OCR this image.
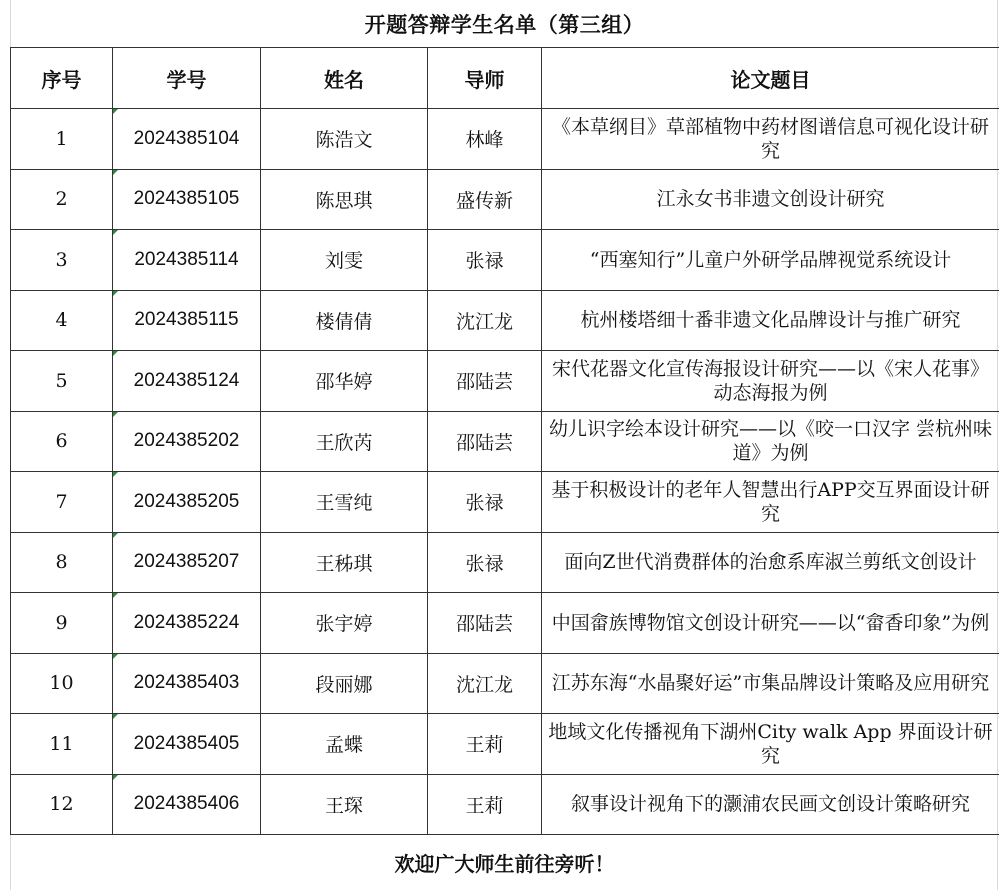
开题答辩学生名单（第三组）
序号	学号	姓名	导师	论文题目
1	2024385104	陈浩文	林峰	《本草纲目》草部植物中药材图谱信息可视化设计研究
2	2024385105	陈思琪	盛传新	江永女书非遗文创设计研究
3	2024385114	刘雯	张禄	“西塞知行”儿童户外研学品牌视觉系统设计
4	2024385115	楼倩倩	沈江龙	杭州楼塔细十番非遗文化品牌设计与推广研究
5	2024385124	邵华婷	邵陆芸	宋代花器文化宣传海报设计研究——以《宋人花事》动态海报为例
6	2024385202	王欣芮	邵陆芸	幼儿识字绘本设计研究——以《咬一口汉字 尝杭州味道》为例
7	2024385205	王雪纯	张禄	基于积极设计的老年人智慧出行APP交互界面设计研究
8	2024385207	王秭琪	张禄	面向Z世代消费群体的治愈系库淑兰剪纸文创设计
9	2024385224	张宇婷	邵陆芸	中国畲族博物馆文创设计研究——以“畲香印象”为例
10	2024385403	段丽娜	沈江龙	江苏东海“水晶聚好运”市集品牌设计策略及应用研究
11	2024385405	孟蝶	王莉	地域文化传播视角下湖州City walk App 界面设计研究
12	2024385406	王琛	王莉	叙事设计视角下的灏浦农民画文创设计策略研究
欢迎广大师生前往旁听！
